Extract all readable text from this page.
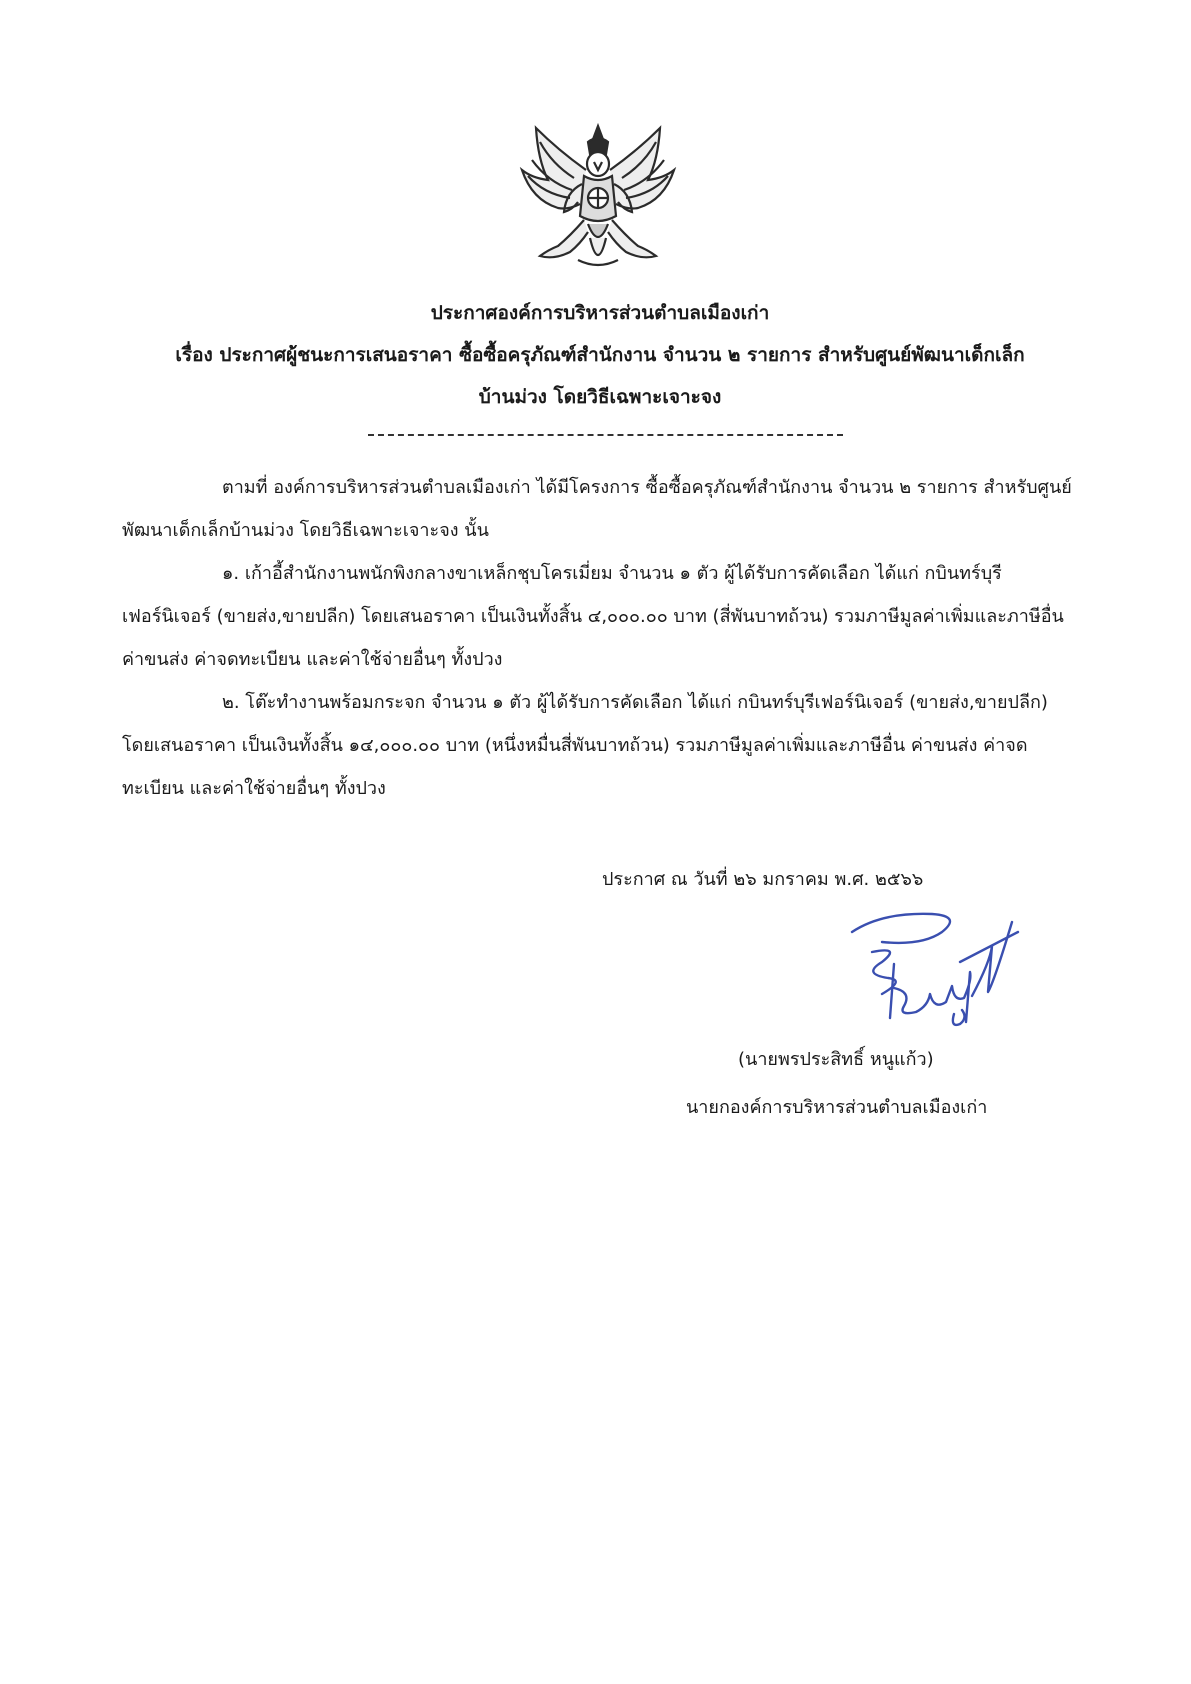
ประกาศองค์การบริหารส่วนตำบลเมืองเก่า
เรื่อง ประกาศผู้ชนะการเสนอราคา ซื้อซื้อครุภัณฑ์สำนักงาน จำนวน ๒ รายการ สำหรับศูนย์พัฒนาเด็กเล็ก
บ้านม่วง โดยวิธีเฉพาะเจาะจง

ตามที่ องค์การบริหารส่วนตำบลเมืองเก่า ได้มีโครงการ ซื้อซื้อครุภัณฑ์สำนักงาน จำนวน ๒ รายการ สำหรับศูนย์พัฒนาเด็กเล็กบ้านม่วง โดยวิธีเฉพาะเจาะจง นั้น

๑. เก้าอี้สำนักงานพนักพิงกลางขาเหล็กชุบโครเมี่ยม จำนวน ๑ ตัว ผู้ได้รับการคัดเลือก ได้แก่ กบินทร์บุรีเฟอร์นิเจอร์ (ขายส่ง,ขายปลีก) โดยเสนอราคา เป็นเงินทั้งสิ้น ๔,๐๐๐.๐๐ บาท (สี่พันบาทถ้วน) รวมภาษีมูลค่าเพิ่มและภาษีอื่น ค่าขนส่ง ค่าจดทะเบียน และค่าใช้จ่ายอื่นๆ ทั้งปวง

๒. โต๊ะทำงานพร้อมกระจก จำนวน ๑ ตัว ผู้ได้รับการคัดเลือก ได้แก่ กบินทร์บุรีเฟอร์นิเจอร์ (ขายส่ง,ขายปลีก) โดยเสนอราคา เป็นเงินทั้งสิ้น ๑๔,๐๐๐.๐๐ บาท (หนึ่งหมื่นสี่พันบาทถ้วน) รวมภาษีมูลค่าเพิ่มและภาษีอื่น ค่าขนส่ง ค่าจดทะเบียน และค่าใช้จ่ายอื่นๆ ทั้งปวง

ประกาศ ณ วันที่ ๒๖ มกราคม พ.ศ. ๒๕๖๖
(นายพรประสิทธิ์ หนูแก้ว)
นายกองค์การบริหารส่วนตำบลเมืองเก่า
